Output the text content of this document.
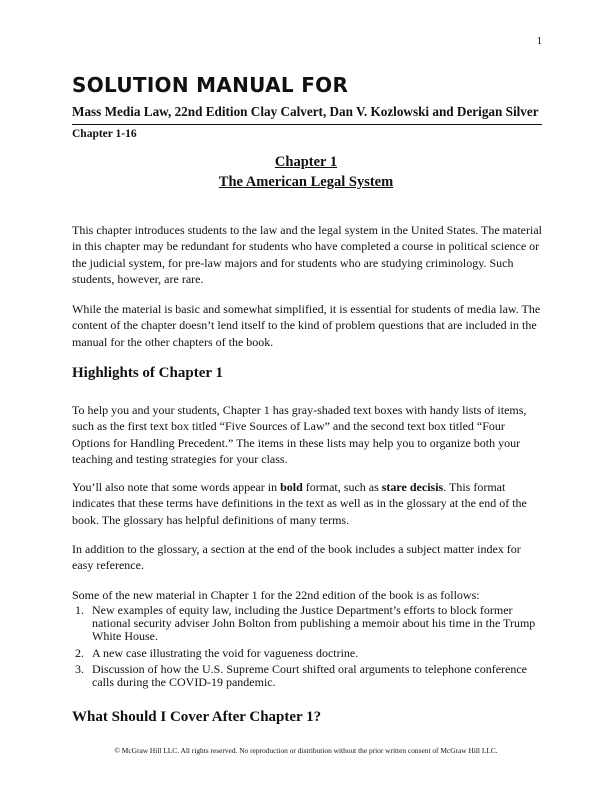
1
SOLUTION MANUAL FOR
Mass Media Law, 22nd Edition Clay Calvert, Dan V. Kozlowski and Derigan Silver
Chapter 1-16
Chapter 1
The American Legal System

This chapter introduces students to the law and the legal system in the United States. The material in this chapter may be redundant for students who have completed a course in political science or the judicial system, for pre-law majors and for students who are studying criminology. Such students, however, are rare.

While the material is basic and somewhat simplified, it is essential for students of media law. The content of the chapter doesn’t lend itself to the kind of problem questions that are included in the manual for the other chapters of the book.

Highlights of Chapter 1

To help you and your students, Chapter 1 has gray-shaded text boxes with handy lists of items, such as the first text box titled “Five Sources of Law” and the second text box titled “Four Options for Handling Precedent.” The items in these lists may help you to organize both your teaching and testing strategies for your class.

You’ll also note that some words appear in bold format, such as stare decisis. This format indicates that these terms have definitions in the text as well as in the glossary at the end of the book. The glossary has helpful definitions of many terms.

In addition to the glossary, a section at the end of the book includes a subject matter index for easy reference.

Some of the new material in Chapter 1 for the 22nd edition of the book is as follows:

1. New examples of equity law, including the Justice Department’s efforts to block former national security adviser John Bolton from publishing a memoir about his time in the Trump White House.
2. A new case illustrating the void for vagueness doctrine.
3. Discussion of how the U.S. Supreme Court shifted oral arguments to telephone conference calls during the COVID-19 pandemic.
What Should I Cover After Chapter 1?
© McGraw Hill LLC. All rights reserved. No reproduction or distribution without the prior written consent of McGraw Hill LLC.
